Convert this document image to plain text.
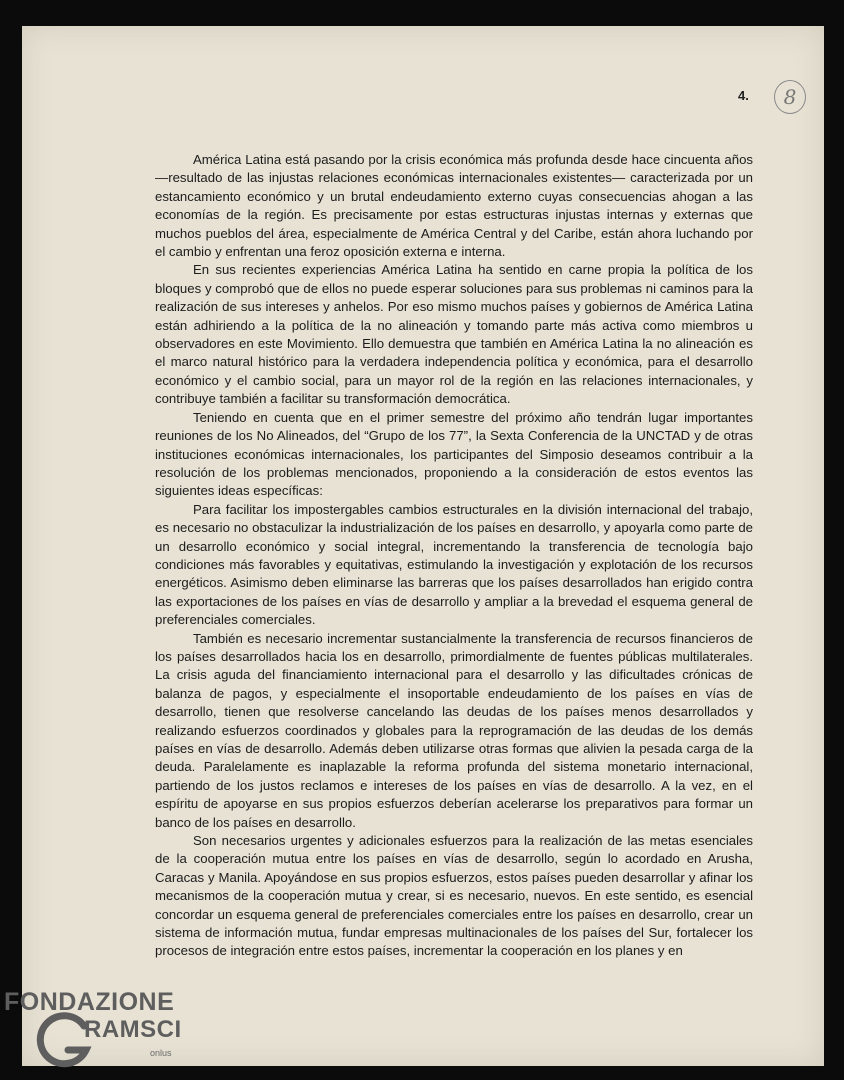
4.	8

América Latina está pasando por la crisis económica más profunda desde hace cincuenta años —resultado de las injustas relaciones económicas internacionales existentes— caracterizada por un estancamiento económico y un brutal endeudamiento externo cuyas consecuencias ahogan a las economías de la región. Es precisamente por estas estructuras injustas internas y externas que muchos pueblos del área, especialmente de América Central y del Caribe, están ahora luchando por el cambio y enfrentan una feroz oposición externa e interna.

En sus recientes experiencias América Latina ha sentido en carne propia la política de los bloques y comprobó que de ellos no puede esperar soluciones para sus problemas ni caminos para la realización de sus intereses y anhelos. Por eso mismo muchos países y gobiernos de América Latina están adhiriendo a la política de la no alineación y tomando parte más activa como miembros u observadores en este Movimiento. Ello demuestra que también en América Latina la no alineación es el marco natural histórico para la verdadera independencia política y económica, para el desarrollo económico y el cambio social, para un mayor rol de la región en las relaciones internacionales, y contribuye también a facilitar su transformación democrática.

Teniendo en cuenta que en el primer semestre del próximo año tendrán lugar importantes reuniones de los No Alineados, del “Grupo de los 77”, la Sexta Conferencia de la UNCTAD y de otras instituciones económicas internacionales, los participantes del Simposio deseamos contribuir a la resolución de los problemas mencionados, proponiendo a la consideración de estos eventos las siguientes ideas específicas:

Para facilitar los impostergables cambios estructurales en la división internacional del trabajo, es necesario no obstaculizar la industrialización de los países en desarrollo, y apoyarla como parte de un desarrollo económico y social integral, incrementando la transferencia de tecnología bajo condiciones más favorables y equitativas, estimulando la investigación y explotación de los recursos energéticos. Asimismo deben eliminarse las barreras que los países desarrollados han erigido contra las exportaciones de los países en vías de desarrollo y ampliar a la brevedad el esquema general de preferenciales comerciales.

También es necesario incrementar sustancialmente la transferencia de recursos financieros de los países desarrollados hacia los en desarrollo, primordialmente de fuentes públicas multilaterales. La crisis aguda del financiamiento internacional para el desarrollo y las dificultades crónicas de balanza de pagos, y especialmente el insoportable endeudamiento de los países en vías de desarrollo, tienen que resolverse cancelando las deudas de los países menos desarrollados y realizando esfuerzos coordinados y globales para la reprogramación de las deudas de los demás países en vías de desarrollo. Además deben utilizarse otras formas que alivien la pesada carga de la deuda. Paralelamente es inaplazable la reforma profunda del sistema monetario internacional, partiendo de los justos reclamos e intereses de los países en vías de desarrollo. A la vez, en el espíritu de apoyarse en sus propios esfuerzos deberían acelerarse los preparativos para formar un banco de los países en desarrollo.

Son necesarios urgentes y adicionales esfuerzos para la realización de las metas esenciales de la cooperación mutua entre los países en vías de desarrollo, según lo acordado en Arusha, Caracas y Manila. Apoyándose en sus propios esfuerzos, estos países pueden desarrollar y afinar los mecanismos de la cooperación mutua y crear, si es necesario, nuevos. En este sentido, es esencial concordar un esquema general de preferenciales comerciales entre los países en desarrollo, crear un sistema de información mutua, fundar empresas multinacionales de los países del Sur, fortalecer los procesos de integración entre estos países, incrementar la cooperación en los planes y en

FONDAZIONE
RAMSCI
onlus
